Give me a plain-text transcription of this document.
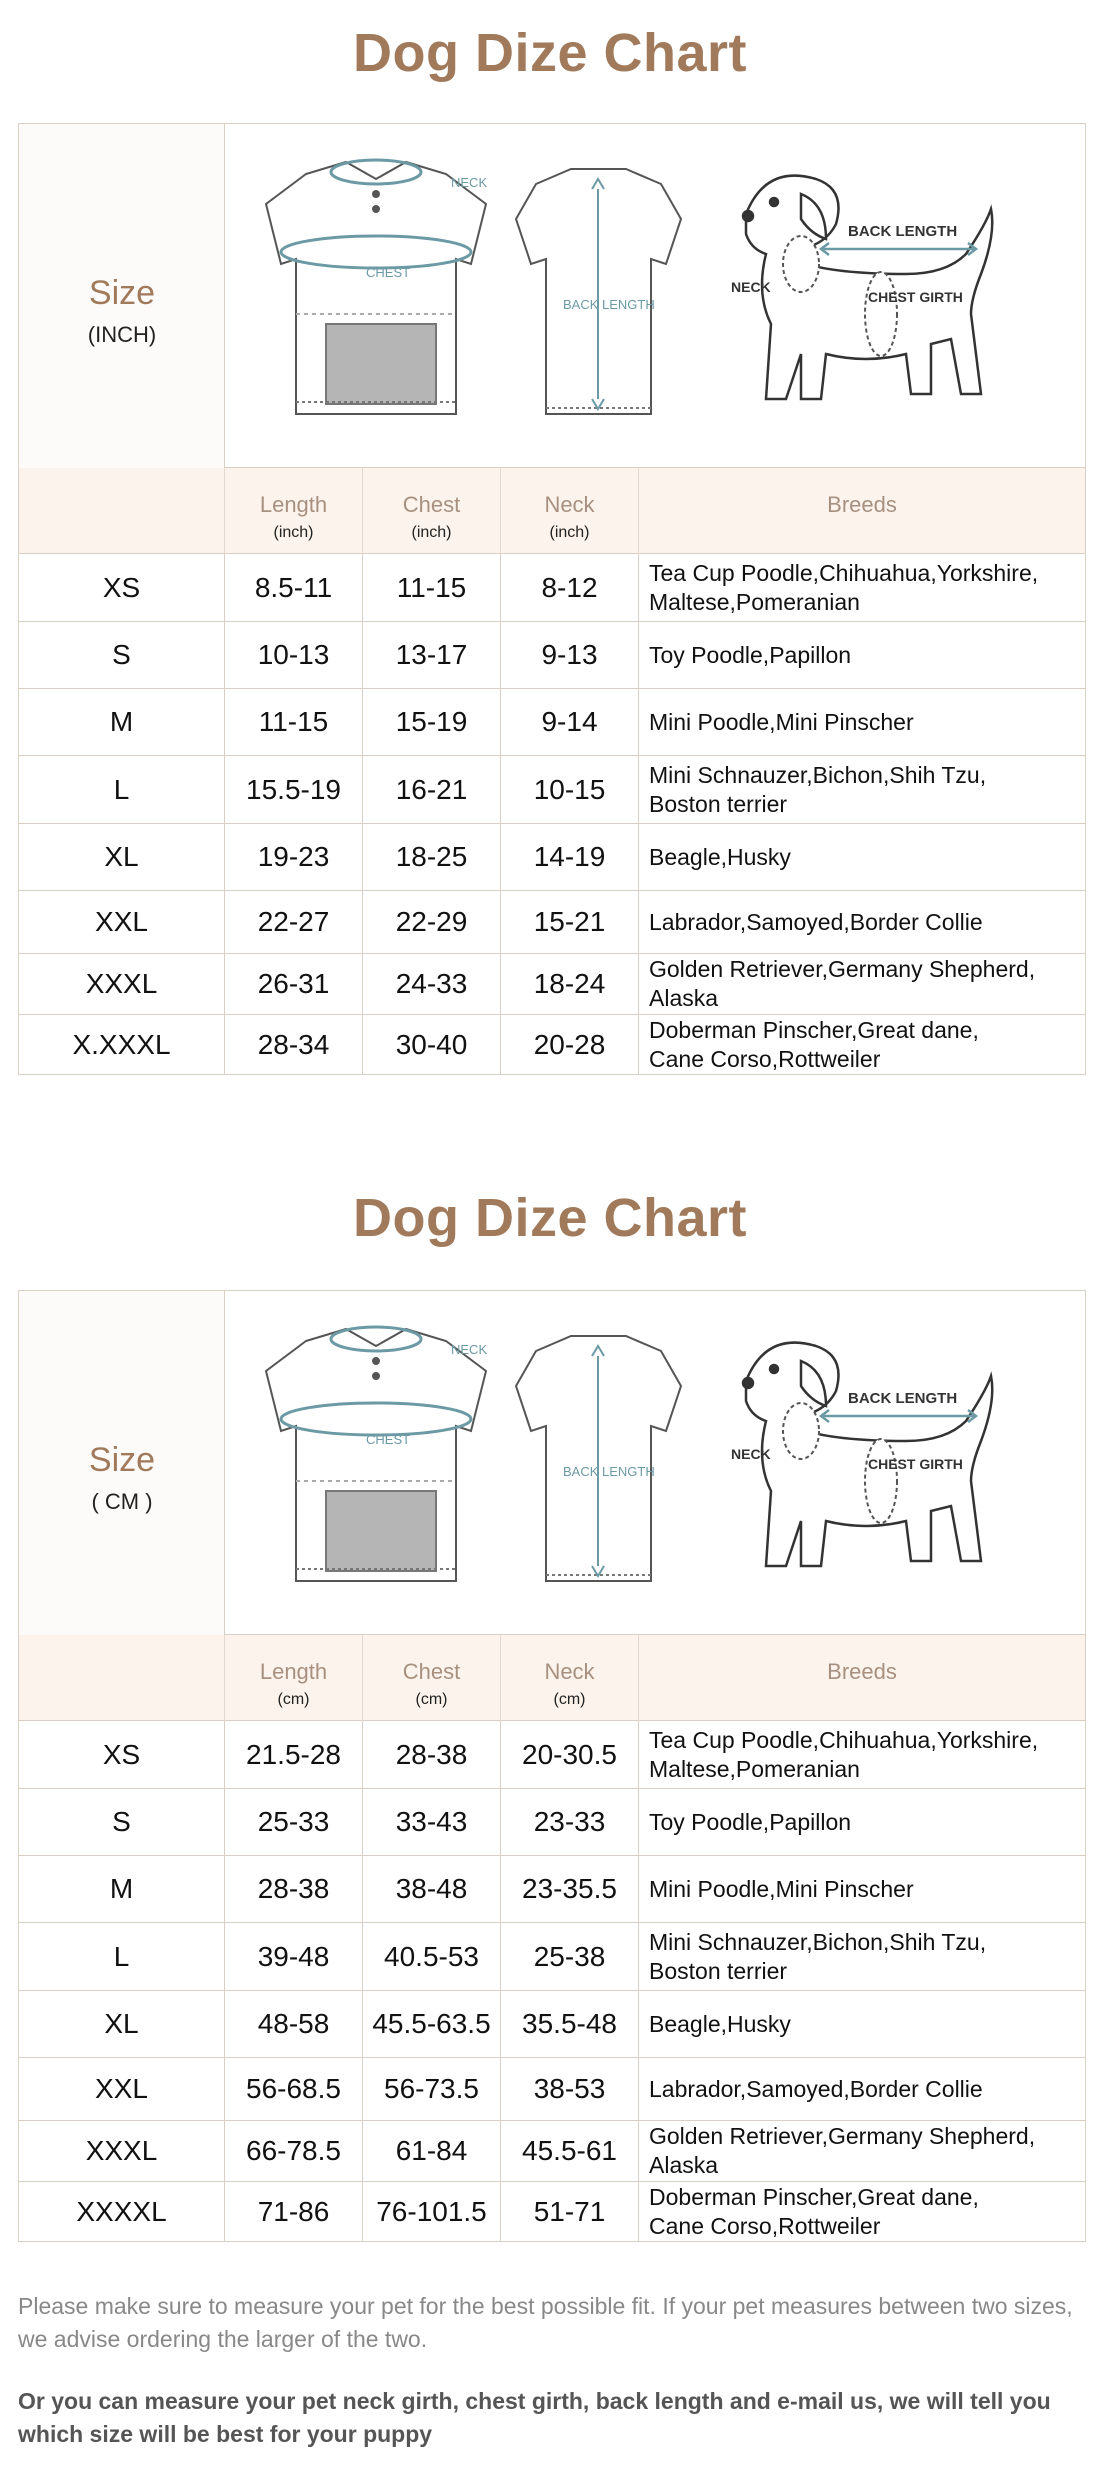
Dog Dize Chart
Size
(INCH)
NECK
CHEST
BACK LENGTH
BACK LENGTH
NECK
CHEST GIRTH
Length
(inch)
Chest
(inch)
Neck
(inch)
Breeds
XS	8.5-11	11-15	8-12	Tea Cup Poodle,Chihuahua,Yorkshire,
Maltese,Pomeranian
S	10-13	13-17	9-13	Toy Poodle,Papillon
M	11-15	15-19	9-14	Mini Poodle,Mini Pinscher
L	15.5-19	16-21	10-15	Mini Schnauzer,Bichon,Shih Tzu,
Boston terrier
XL	19-23	18-25	14-19	Beagle,Husky
XXL	22-27	22-29	15-21	Labrador,Samoyed,Border Collie
XXXL	26-31	24-33	18-24	Golden Retriever,Germany Shepherd,
Alaska
X.XXXL	28-34	30-40	20-28	Doberman Pinscher,Great dane,
Cane Corso,Rottweiler
Dog Dize Chart
Size
( CM )
NECK
CHEST
BACK LENGTH
BACK LENGTH
NECK
CHEST GIRTH
Length
(cm)
Chest
(cm)
Neck
(cm)
Breeds
XS	21.5-28	28-38	20-30.5	Tea Cup Poodle,Chihuahua,Yorkshire,
Maltese,Pomeranian
S	25-33	33-43	23-33	Toy Poodle,Papillon
M	28-38	38-48	23-35.5	Mini Poodle,Mini Pinscher
L	39-48	40.5-53	25-38	Mini Schnauzer,Bichon,Shih Tzu,
Boston terrier
XL	48-58	45.5-63.5	35.5-48	Beagle,Husky
XXL	56-68.5	56-73.5	38-53	Labrador,Samoyed,Border Collie
XXXL	66-78.5	61-84	45.5-61	Golden Retriever,Germany Shepherd,
Alaska
XXXXL	71-86	76-101.5	51-71	Doberman Pinscher,Great dane,
Cane Corso,Rottweiler
Please make sure to measure your pet for the best possible fit. If your pet measures between two sizes, we advise ordering the larger of the two.
Or you can measure your pet neck girth, chest girth, back length and e-mail us, we will tell you which size will be best for your puppy
